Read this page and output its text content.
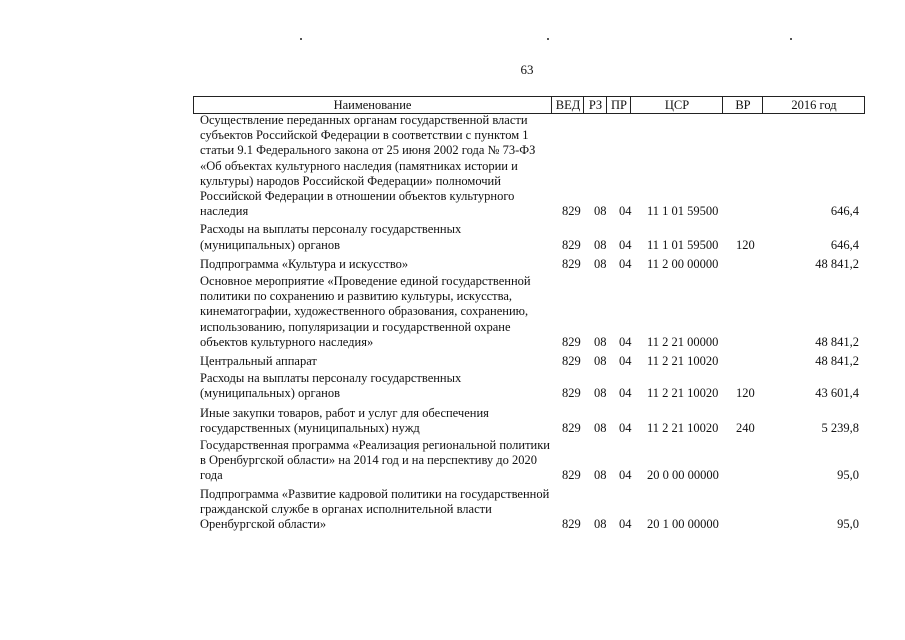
63
Наименование	ВЕД РЗ ПР	ЦСР	ВР	2016 год
Осуществление переданных органам государственной власти субъектов Российской Федерации в соответствии с пунктом 1 статьи 9.1 Федерального закона от 25 июня 2002 года № 73-ФЗ «Об объектах культурного наследия (памятниках истории и культуры) народов Российской Федерации» полномочий Российской Федерации в отношении объектов культурного наследия	829 08 04 11 1 01 59500	646,4
Расходы на выплаты персоналу государственных (муниципальных) органов	829 08 04 11 1 01 59500 120	646,4
Подпрограмма «Культура и искусство»	829 08 04 11 2 00 00000	48 841,2
Основное мероприятие «Проведение единой государственной политики по сохранению и развитию культуры, искусства, кинематографии, художественного образования, сохранению, использованию, популяризации и государственной охране объектов культурного наследия»	829 08 04 11 2 21 00000	48 841,2
Центральный аппарат	829 08 04 11 2 21 10020	48 841,2
Расходы на выплаты персоналу государственных (муниципальных) органов	829 08 04 11 2 21 10020 120	43 601,4
Иные закупки товаров, работ и услуг для обеспечения государственных (муниципальных) нужд	829 08 04 11 2 21 10020 240	5 239,8
Государственная программа «Реализация региональной политики в Оренбургской области» на 2014 год и на перспективу до 2020 года	829 08 04 20 0 00 00000	95,0
Подпрограмма «Развитие кадровой политики на государственной гражданской службе в органах исполнительной власти Оренбургской области»	829 08 04 20 1 00 00000	95,0
